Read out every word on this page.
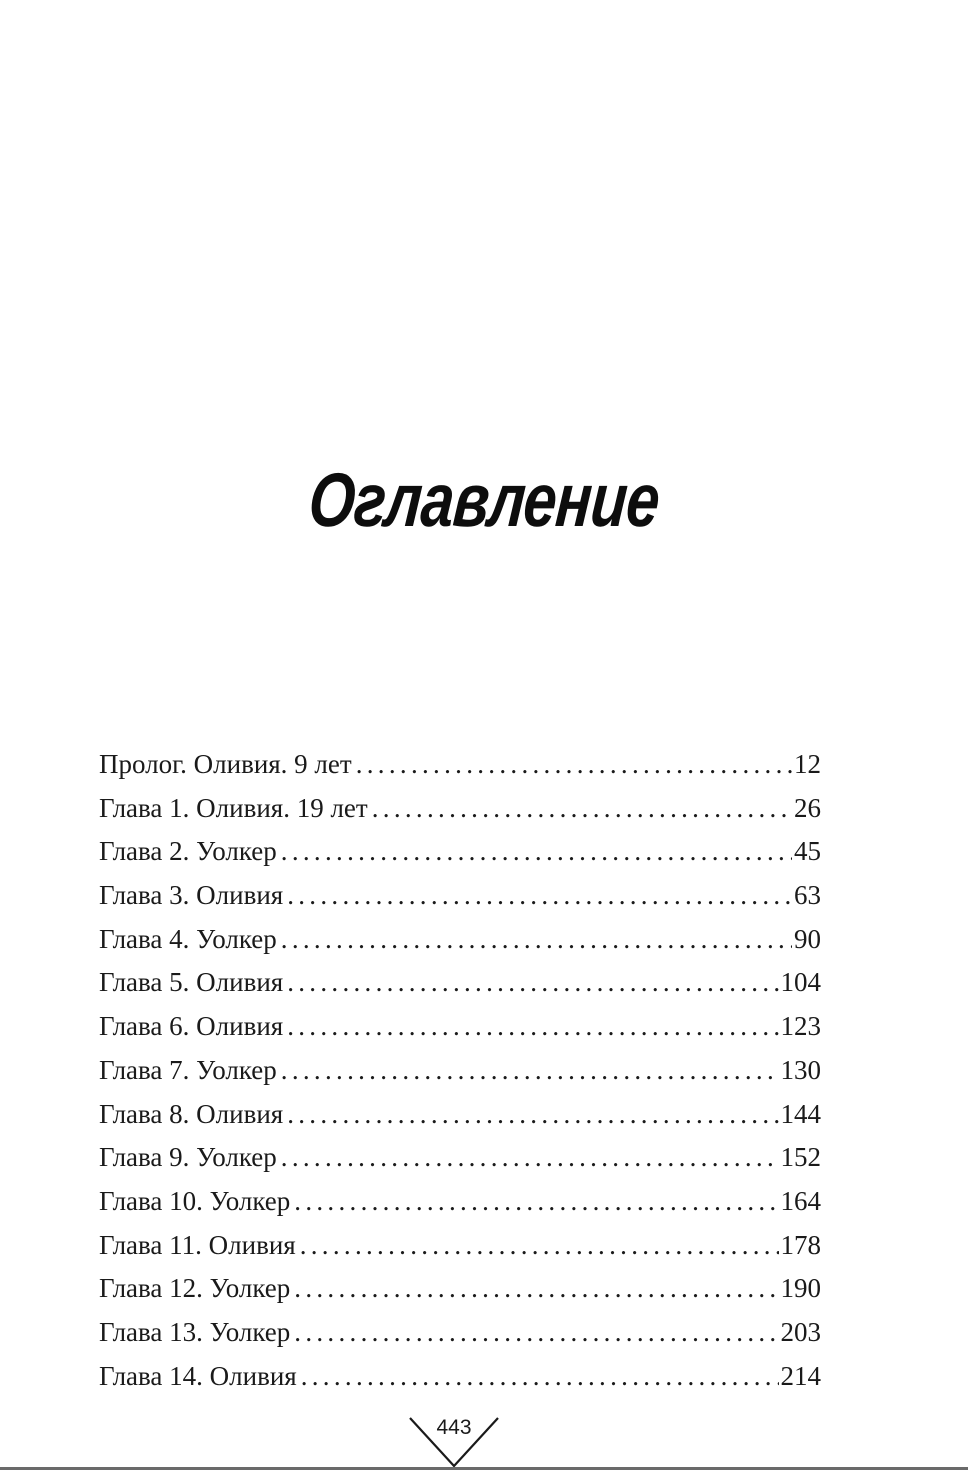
Оглавление
Пролог. Оливия. 9 лет .....	12
Глава 1. Оливия. 19 лет .....	26
Глава 2. Уолкер .....	45
Глава 3. Оливия .....	63
Глава 4. Уолкер .....	90
Глава 5. Оливия .....	104
Глава 6. Оливия .....	123
Глава 7. Уолкер .....	130
Глава 8. Оливия .....	144
Глава 9. Уолкер .....	152
Глава 10. Уолкер .....	164
Глава 11. Оливия .....	178
Глава 12. Уолкер .....	190
Глава 13. Уолкер .....	203
Глава 14. Оливия .....	214
443
